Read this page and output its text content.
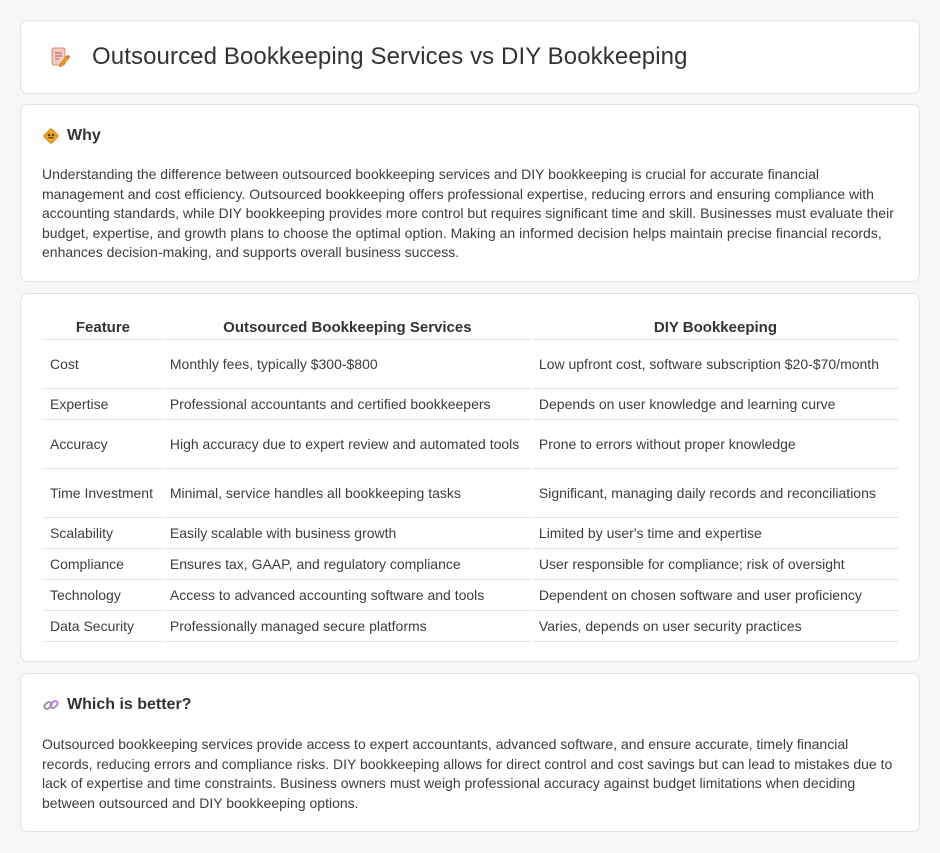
Outsourced Bookkeeping Services vs DIY Bookkeeping
Why

Understanding the difference between outsourced bookkeeping services and DIY bookkeeping is crucial for accurate financial management and cost efficiency. Outsourced bookkeeping offers professional expertise, reducing errors and ensuring compliance with accounting standards, while DIY bookkeeping provides more control but requires significant time and skill. Businesses must evaluate their budget, expertise, and growth plans to choose the optimal option. Making an informed decision helps maintain precise financial records, enhances decision-making, and supports overall business success.

Feature	Outsourced Bookkeeping Services	DIY Bookkeeping
Cost	Monthly fees, typically $300-$800	Low upfront cost, software subscription $20-$70/month
Expertise	Professional accountants and certified bookkeepers	Depends on user knowledge and learning curve
Accuracy	High accuracy due to expert review and automated tools	Prone to errors without proper knowledge
Time Investment	Minimal, service handles all bookkeeping tasks	Significant, managing daily records and reconciliations
Scalability	Easily scalable with business growth	Limited by user's time and expertise
Compliance	Ensures tax, GAAP, and regulatory compliance	User responsible for compliance; risk of oversight
Technology	Access to advanced accounting software and tools	Dependent on chosen software and user proficiency
Data Security	Professionally managed secure platforms	Varies, depends on user security practices
Which is better?

Outsourced bookkeeping services provide access to expert accountants, advanced software, and ensure accurate, timely financial records, reducing errors and compliance risks. DIY bookkeeping allows for direct control and cost savings but can lead to mistakes due to lack of expertise and time constraints. Business owners must weigh professional accuracy against budget limitations when deciding between outsourced and DIY bookkeeping options.
